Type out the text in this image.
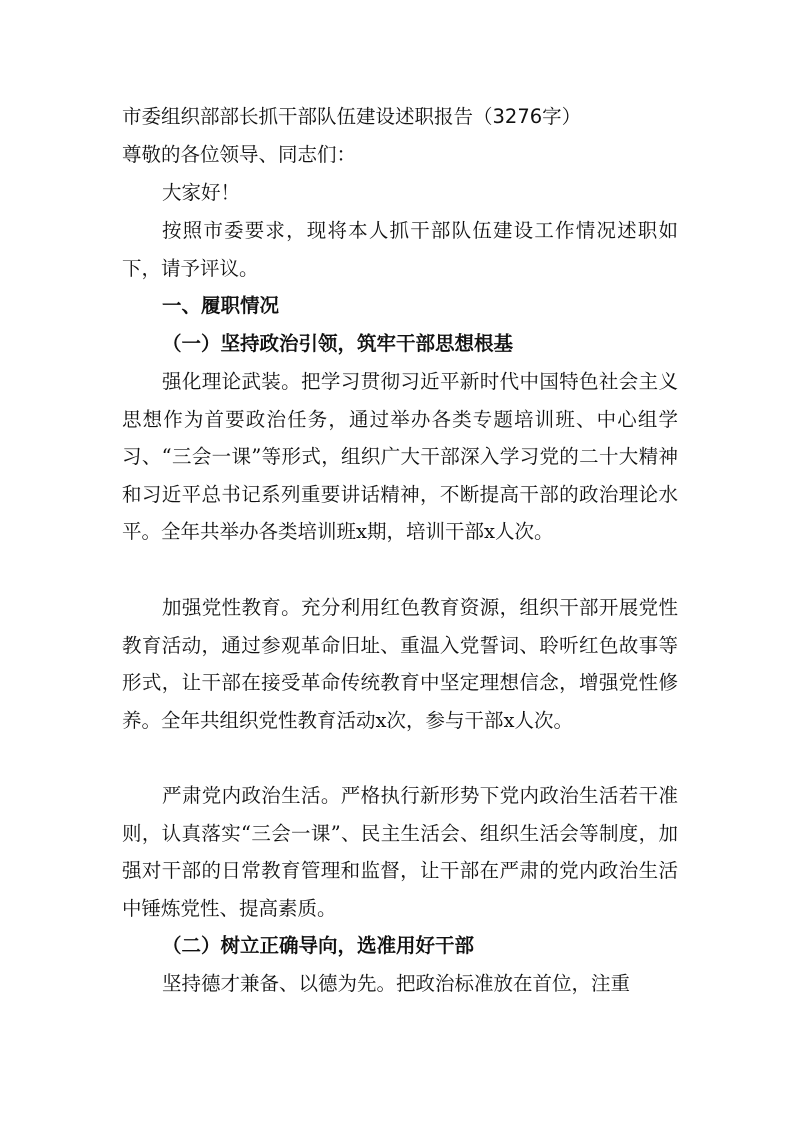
市委组织部部长抓干部队伍建设述职报告（3276字）
尊敬的各位领导、同志们：
大家好！
按照市委要求，现将本人抓干部队伍建设工作情况述职如下，请予评议。
一、履职情况
（一）坚持政治引领，筑牢干部思想根基
强化理论武装。把学习贯彻习近平新时代中国特色社会主义思想作为首要政治任务，通过举办各类专题培训班、中心组学习、“三会一课”等形式，组织广大干部深入学习党的二十大精神和习近平总书记系列重要讲话精神，不断提高干部的政治理论水平。全年共举办各类培训班x期，培训干部x人次。
加强党性教育。充分利用红色教育资源，组织干部开展党性教育活动，通过参观革命旧址、重温入党誓词、聆听红色故事等形式，让干部在接受革命传统教育中坚定理想信念，增强党性修养。全年共组织党性教育活动x次，参与干部x人次。
严肃党内政治生活。严格执行新形势下党内政治生活若干准则，认真落实“三会一课”、民主生活会、组织生活会等制度，加强对干部的日常教育管理和监督，让干部在严肃的党内政治生活中锤炼党性、提高素质。
（二）树立正确导向，选准用好干部
坚持德才兼备、以德为先。把政治标准放在首位，注重
